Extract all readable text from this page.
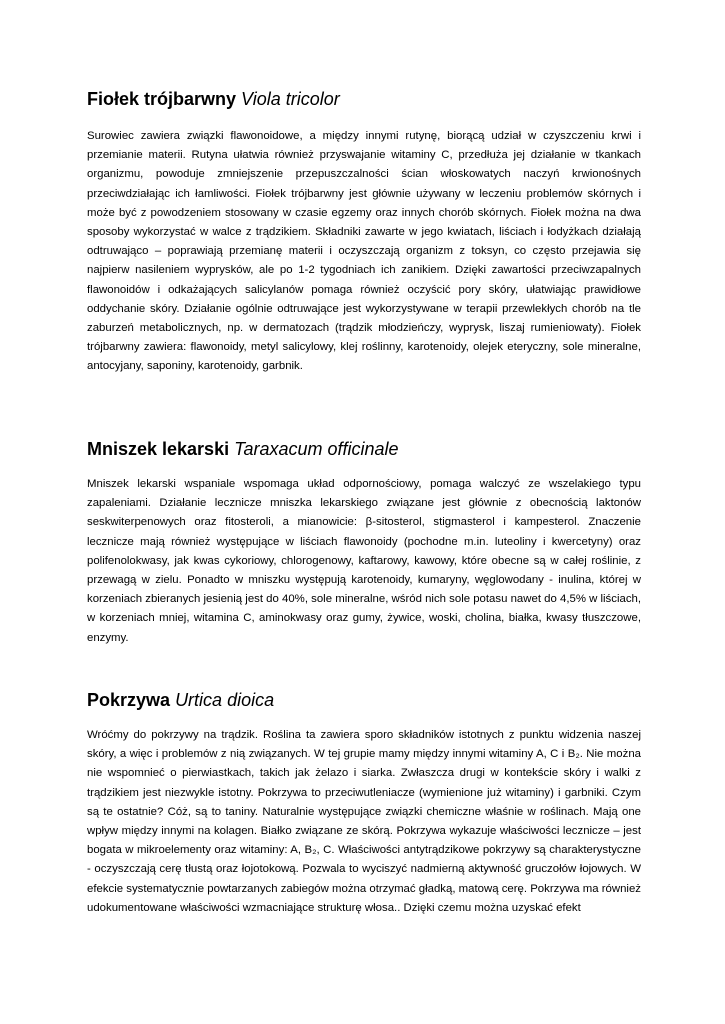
Fiołek trójbarwny Viola tricolor

Surowiec zawiera związki flawonoidowe, a między innymi rutynę, biorącą udział w czyszczeniu krwi i przemianie materii. Rutyna ułatwia również przyswajanie witaminy C, przedłuża jej działanie w tkankach organizmu, powoduje zmniejszenie przepuszczalności ścian włoskowatych naczyń krwionośnych przeciwdziałając ich łamliwości. Fiołek trójbarwny jest głównie używany w leczeniu problemów skórnych i może być z powodzeniem stosowany w czasie egzemy oraz innych chorób skórnych. Fiołek można na dwa sposoby wykorzystać w walce z trądzikiem. Składniki zawarte w jego kwiatach, liściach i łodyżkach działają odtruwająco – poprawiają przemianę materii i oczyszczają organizm z toksyn, co często przejawia się najpierw nasileniem wyprysków, ale po 1-2 tygodniach ich zanikiem. Dzięki zawartości przeciwzapalnych flawonoidów i odkażających salicylanów pomaga również oczyścić pory skóry, ułatwiając prawidłowe oddychanie skóry. Działanie ogólnie odtruwające jest wykorzystywane w terapii przewlekłych chorób na tle zaburzeń metabolicznych, np. w dermatozach (trądzik młodzieńczy, wyprysk, liszaj rumieniowaty). Fiołek trójbarwny zawiera: flawonoidy, metyl salicylowy, klej roślinny, karotenoidy, olejek eteryczny, sole mineralne, antocyjany, saponiny, karotenoidy, garbnik.

Mniszek lekarski Taraxacum officinale

Mniszek lekarski wspaniale wspomaga układ odpornościowy, pomaga walczyć ze wszelakiego typu zapaleniami. Działanie lecznicze mniszka lekarskiego związane jest głównie z obecnością laktonów seskwiterpenowych oraz fitosteroli, a mianowicie: β-sitosterol, stigmasterol i kampesterol. Znaczenie lecznicze mają również występujące w liściach flawonoidy (pochodne m.in. luteoliny i kwercetyny) oraz polifenolokwasy, jak kwas cykoriowy, chlorogenowy, kaftarowy, kawowy, które obecne są w całej roślinie, z przewagą w zielu. Ponadto w mniszku występują karotenoidy, kumaryny, węglowodany - inulina, której w korzeniach zbieranych jesienią jest do 40%, sole mineralne, wśród nich sole potasu nawet do 4,5% w liściach, w korzeniach mniej, witamina C, aminokwasy oraz gumy, żywice, woski, cholina, białka, kwasy tłuszczowe, enzymy.

Pokrzywa Urtica dioica

Wróćmy do pokrzywy na trądzik. Roślina ta zawiera sporo składników istotnych z punktu widzenia naszej skóry, a więc i problemów z nią związanych. W tej grupie mamy między innymi witaminy A, C i B₂. Nie można nie wspomnieć o pierwiastkach, takich jak żelazo i siarka. Zwłaszcza drugi w kontekście skóry i walki z trądzikiem jest niezwykle istotny. Pokrzywa to przeciwutleniacze (wymienione już witaminy) i garbniki. Czym są te ostatnie? Cóż, są to taniny. Naturalnie występujące związki chemiczne właśnie w roślinach. Mają one wpływ między innymi na kolagen. Białko związane ze skórą. Pokrzywa wykazuje właściwości lecznicze – jest bogata w mikroelementy oraz witaminy: A, B₂, C. Właściwości antytrądzikowe pokrzywy są charakterystyczne - oczyszczają cerę tłustą oraz łojotokową. Pozwala to wyciszyć nadmierną aktywność gruczołów łojowych. W efekcie systematycznie powtarzanych zabiegów można otrzymać gładką, matową cerę. Pokrzywa ma również udokumentowane właściwości wzmacniające strukturę włosa.. Dzięki czemu można uzyskać efekt
